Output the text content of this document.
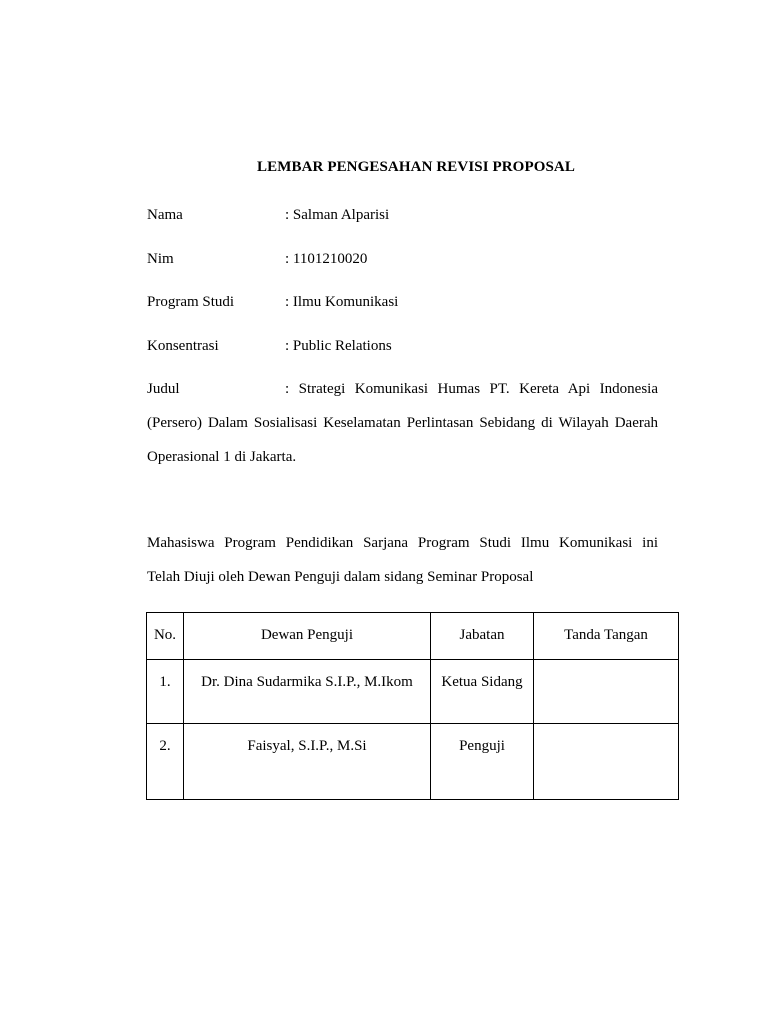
LEMBAR PENGESAHAN REVISI PROPOSAL
Nama	: Salman Alparisi
Nim	: 1101210020
Program Studi	: Ilmu Komunikasi
Konsentrasi	: Public Relations
Judul	: Strategi Komunikasi Humas PT. Kereta Api Indonesia
(Persero) Dalam Sosialisasi Keselamatan Perlintasan Sebidang di Wilayah Daerah
Operasional 1 di Jakarta.
Mahasiswa Program Pendidikan Sarjana Program Studi Ilmu Komunikasi ini
Telah Diuji oleh Dewan Penguji dalam sidang Seminar Proposal
No.	Dewan Penguji	Jabatan	Tanda Tangan

1.	Dr. Dina Sudarmika S.I.P., M.Ikom	Ketua Sidang	

2.	Faisyal, S.I.P., M.Si	Penguji	
